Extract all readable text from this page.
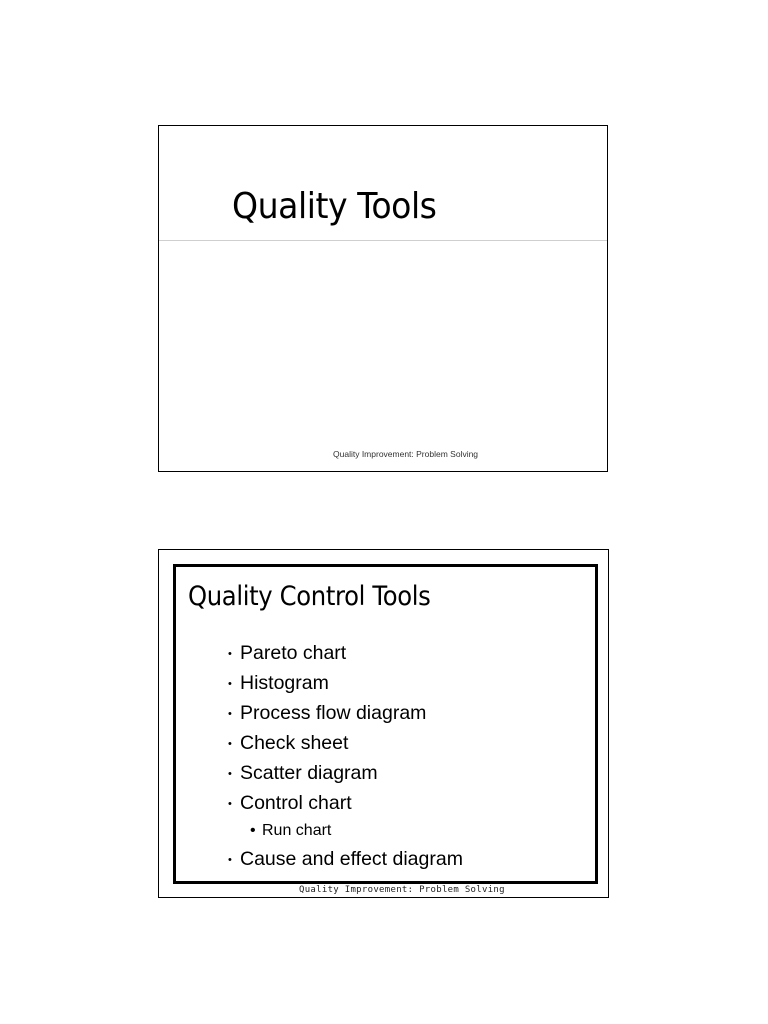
Quality Tools
Quality Improvement: Problem Solving
Quality Control Tools
• Pareto chart
• Histogram
• Process flow diagram
• Check sheet
• Scatter diagram
• Control chart
• Run chart
• Cause and effect diagram
Quality Improvement: Problem Solving
